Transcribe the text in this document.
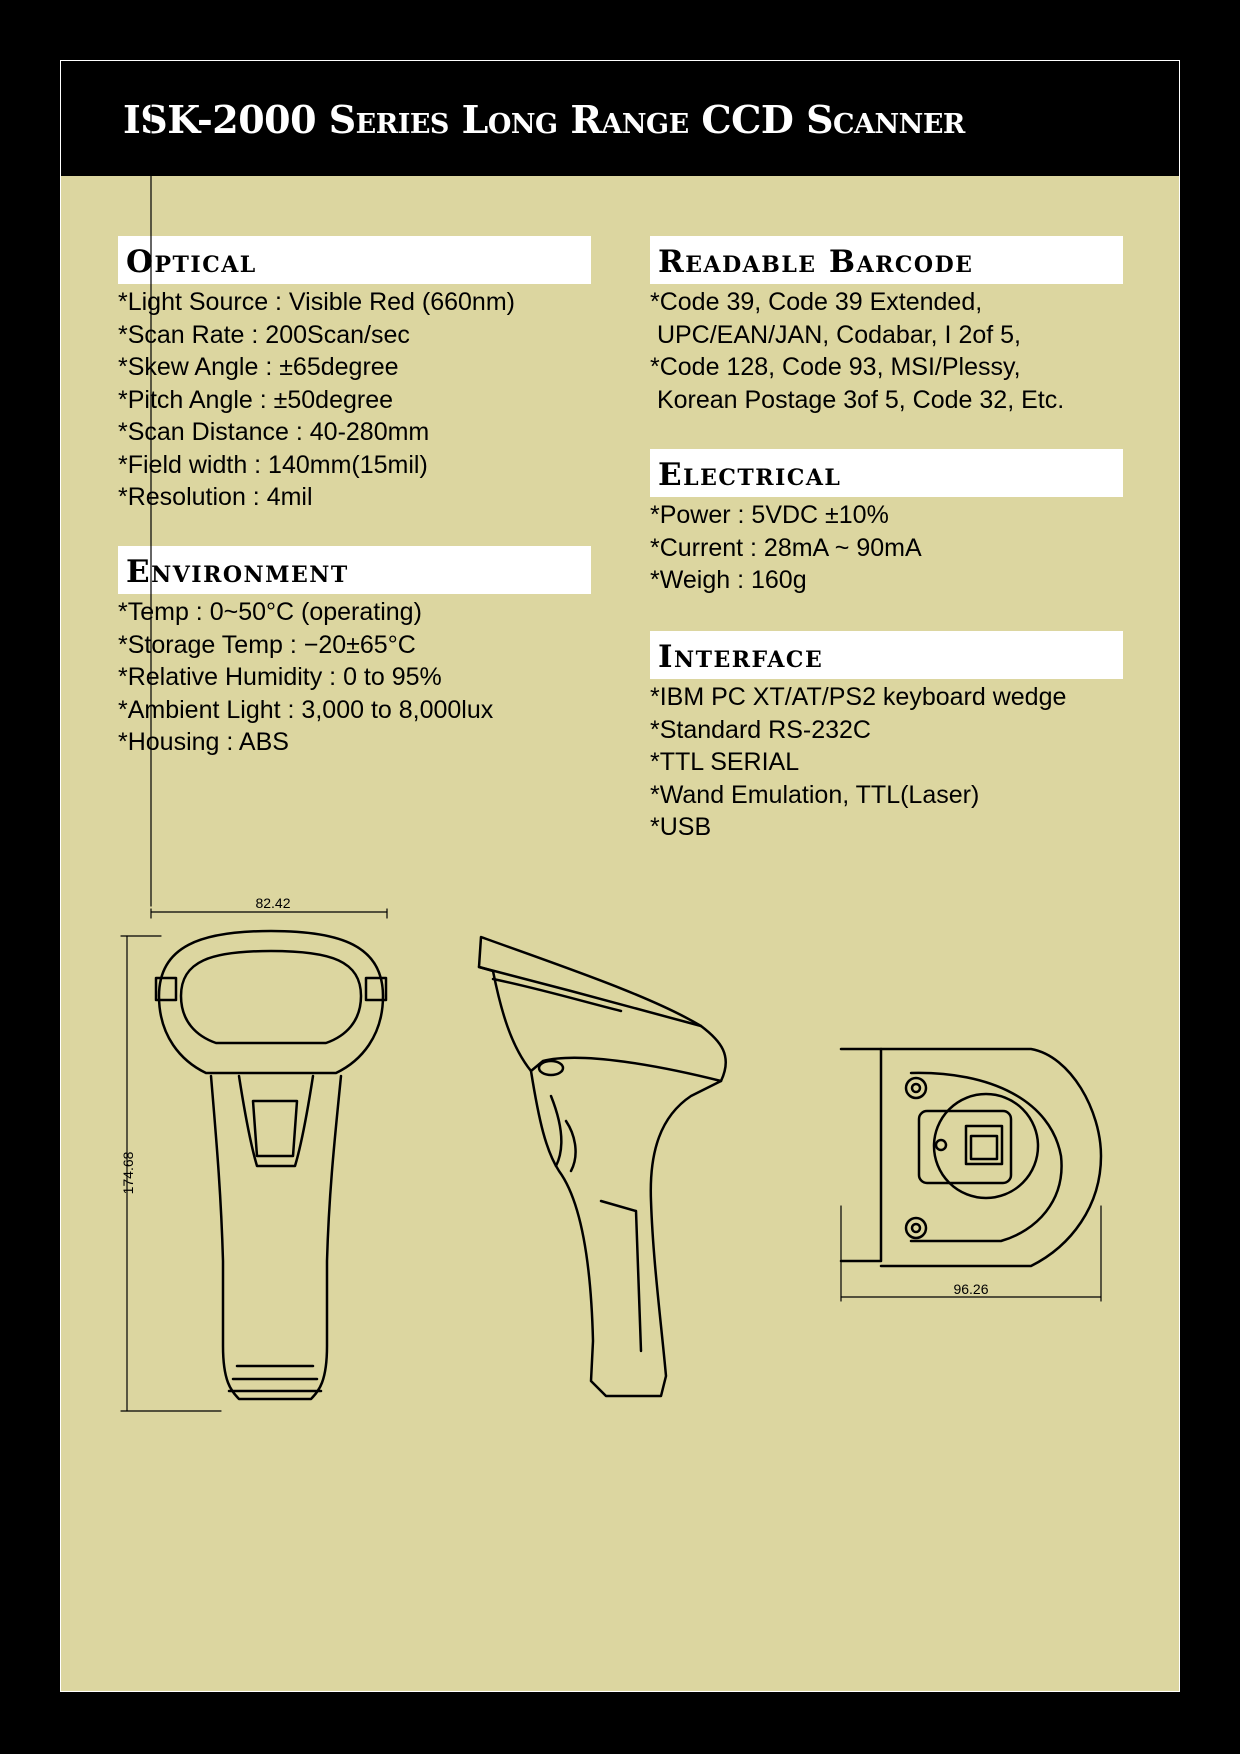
ISK-2000 Series Long Range CCD Scanner
Optical
*Light Source : Visible Red (660nm)
*Scan Rate : 200Scan/sec
*Skew Angle : ±65degree
*Pitch Angle : ±50degree
*Scan Distance : 40-280mm
*Field width : 140mm(15mil)
*Resolution : 4mil
Environment
*Temp : 0~50°C (operating)
*Storage Temp : −20±65°C
*Relative Humidity : 0 to 95%
*Ambient Light : 3,000 to 8,000lux
*Housing : ABS
Readable Barcode
*Code 39, Code 39 Extended,
UPC/EAN/JAN, Codabar, I 2of 5,
*Code 128, Code 93, MSI/Plessy,
Korean Postage 3of 5, Code 32, Etc.
Electrical
*Power : 5VDC ±10%
*Current : 28mA ~ 90mA
*Weigh : 160g
Interface
*IBM PC XT/AT/PS2 keyboard wedge
*Standard RS-232C
*TTL SERIAL
*Wand Emulation, TTL(Laser)
*USB
82.42
174.68
96.26
